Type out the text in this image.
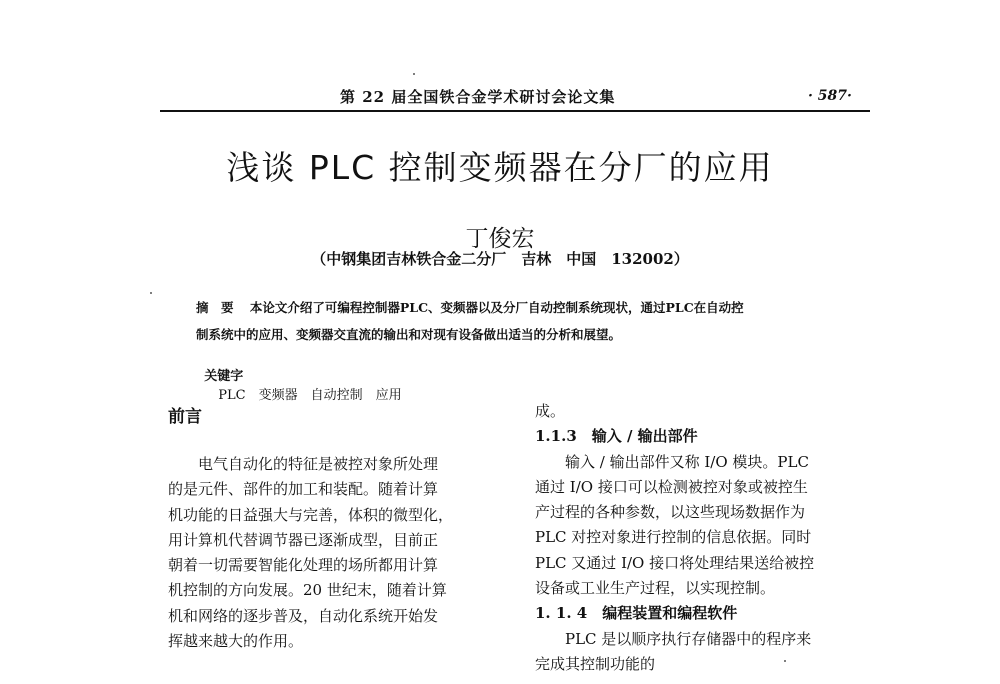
第 22 届全国铁合金学术研讨会论文集	· 587·
浅谈 PLC 控制变频器在分厂的应用
丁俊宏
（中钢集团吉林铁合金二分厂　吉林　中国　132002）
摘　要 本论文介绍了可编程控制器PLC、变频器以及分厂自动控制系统现状，通过PLC在自动控
制系统中的应用、变频器交直流的输出和对现有设备做出适当的分析和展望。

关键字
PLC　变频器　自动控制　应用

前言
　　电气自动化的特征是被控对象所处理
的是元件、部件的加工和装配。随着计算
机功能的日益强大与完善，体积的微型化，
用计算机代替调节器已逐渐成型，目前正
朝着一切需要智能化处理的场所都用计算
机控制的方向发展。20 世纪末，随着计算
机和网络的逐步普及，自动化系统开始发
挥越来越大的作用。
成。
1.1.3　输入 / 输出部件
　　输入 / 输出部件又称 I/O 模块。PLC
通过 I/O 接口可以检测被控对象或被控生
产过程的各种参数，以这些现场数据作为
PLC 对控对象进行控制的信息依据。同时
PLC 又通过 I/O 接口将处理结果送给被控
设备或工业生产过程，以实现控制。
1. 1. 4　编程装置和编程软件
　　PLC 是以顺序执行存储器中的程序来
完成其控制功能的
